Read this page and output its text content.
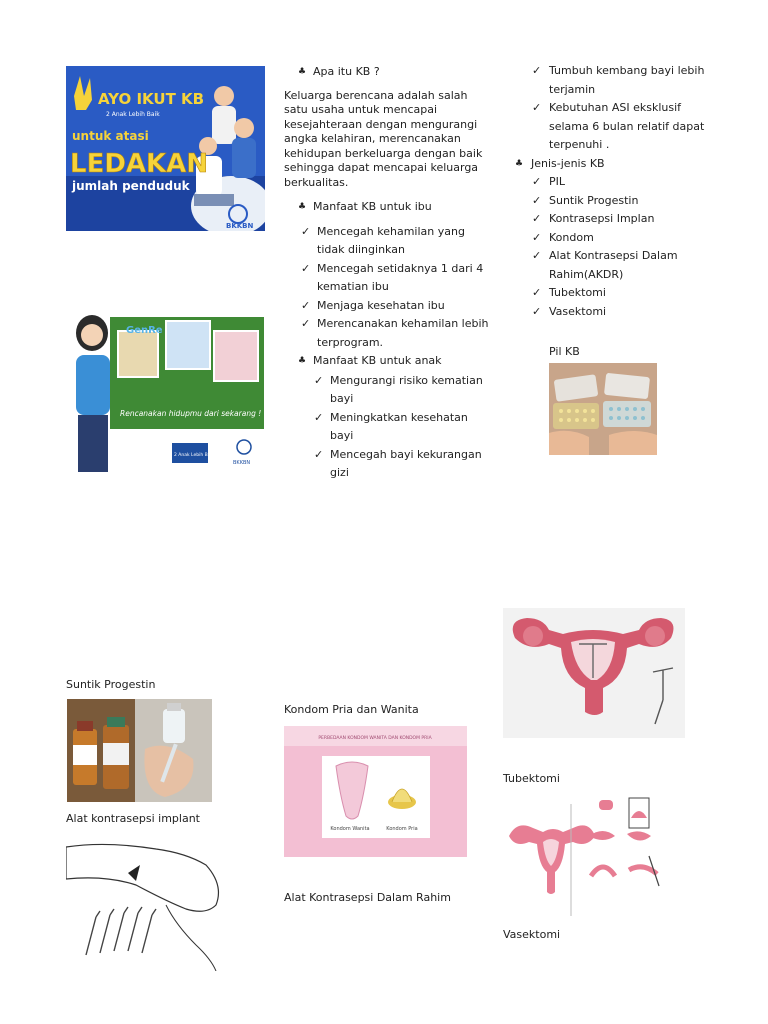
AYO IKUT KB
2 Anak Lebih Baik
untuk atasi
LEDAKAN
jumlah penduduk
BKKBN
GenRe
Rencanakan hidupmu dari sekarang !
2 Anak Lebih Baik
BKKBN
♣ Apa itu KB ?

Keluarga berencana adalah salah satu usaha untuk mencapai kesejahteraan dengan mengurangi angka kelahiran, merencanakan kehidupan berkeluarga dengan baik sehingga dapat mencapai keluarga berkualitas.

♣ Manfaat KB untuk ibu
✓ Mencegah kehamilan yang
tidak diinginkan
✓ Mencegah setidaknya 1 dari 4
kematian ibu
✓ Menjaga kesehatan ibu
✓ Merencanakan kehamilan lebih
terprogram.
♣ Manfaat KB untuk anak
✓ Mengurangi risiko kematian
bayi
✓ Meningkatkan kesehatan
bayi
✓ Mencegah bayi kekurangan
gizi
✓ Tumbuh kembang bayi lebih
terjamin
✓ Kebutuhan ASI eksklusif
selama 6 bulan relatif dapat
terpenuhi .
♣ Jenis-jenis KB
✓ PIL
✓ Suntik Progestin
✓ Kontrasepsi Implan
✓ Kondom
✓ Alat Kontrasepsi Dalam
Rahim(AKDR)
✓ Tubektomi
✓ Vasektomi
Pil KB
Suntik Progestin
Alat kontrasepsi implant
Kondom Pria dan Wanita
PERBEDAAN KONDOM WANITA DAN KONDOM PRIA
Kondom Wanita	Kondom Pria
Alat Kontrasepsi Dalam Rahim
Tubektomi
Vasektomi
